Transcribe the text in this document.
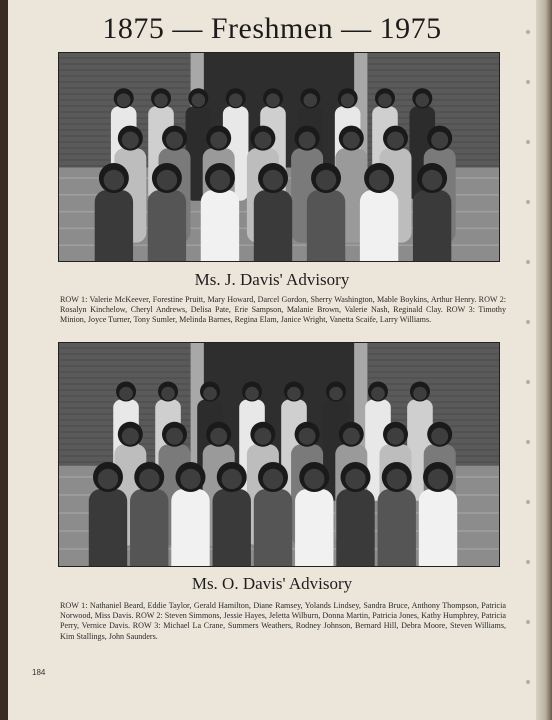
1875 — Freshmen — 1975
Ms. J. Davis' Advisory
ROW 1: Valerie McKeever, Forestine Pruitt, Mary Howard, Darcel Gordon, Sherry Washington, Mable Boykins, Arthur Henry. ROW 2: Rosalyn Kinchelow, Cheryl Andrews, Delisa Pate, Erie Sampson, Malanie Brown, Valerie Nash, Reginald Clay. ROW 3: Timothy Minion, Joyce Turner, Tony Sumler, Melinda Barnes, Regina Elam, Janice Wright, Vanetta Scaife, Larry Williams.
Ms. O. Davis' Advisory
ROW 1: Nathaniel Beard, Eddie Taylor, Gerald Hamilton, Diane Ramsey, Yolands Lindsey, Sandra Bruce, Anthony Thompson, Patricia Norwood, Miss Davis. ROW 2: Steven Simmons, Jessie Hayes, Jeletta Wilburn, Donna Martin, Patricia Jones, Kathy Humphrey, Patricia Perry, Vernice Davis. ROW 3: Michael La Crane, Summers Weathers, Rodney Johnson, Bernard Hill, Debra Moore, Steven Williams, Kim Stallings, John Saunders.
184
